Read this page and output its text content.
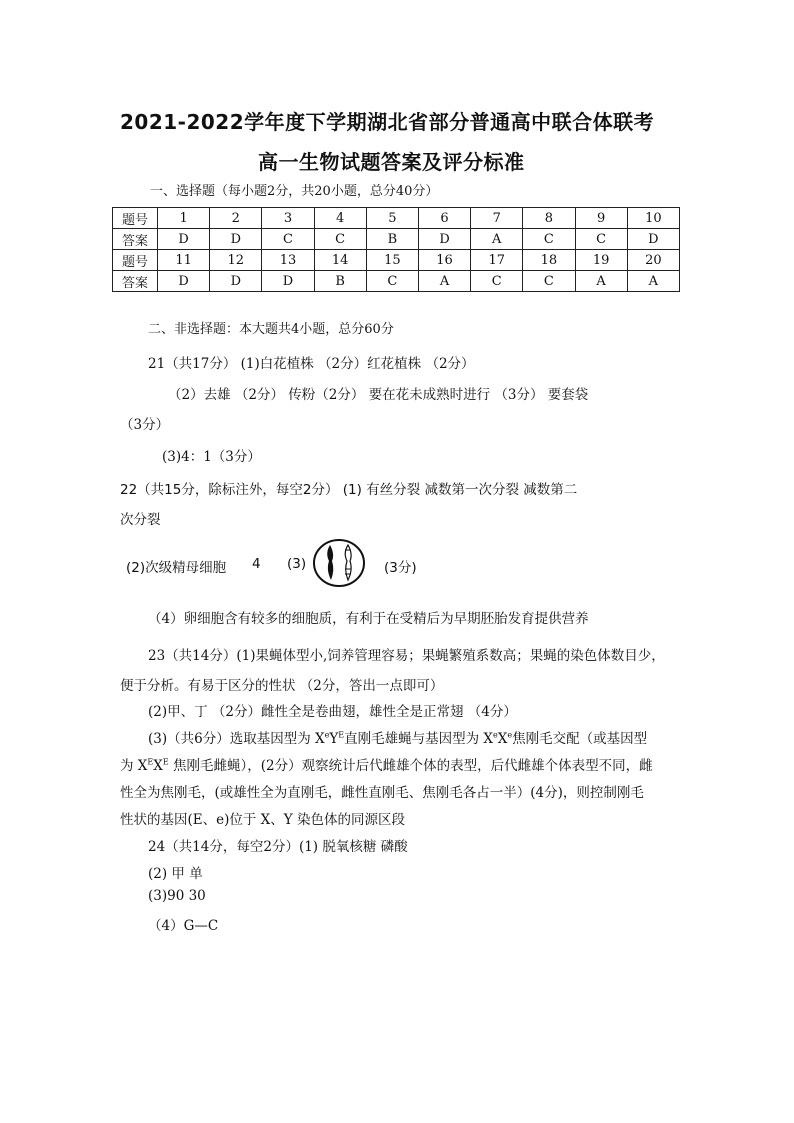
2021-2022学年度下学期湖北省部分普通高中联合体联考
高一生物试题答案及评分标准
一、选择题（每小题2分，共20小题，总分40分）
题号	1	2	3	4	5	6	7	8	9	10
答案	D	D	C	C	B	D	A	C	C	D
题号	11	12	13	14	15	16	17	18	19	20
答案	D	D	D	B	C	A	C	C	A	A
二、非选择题：本大题共4小题，总分60分
21（共17分） (1)白花植株 （2分）红花植株 （2分）
（2）去雄 （2分） 传粉（2分） 要在花未成熟时进行 （3分） 要套袋
（3分）
(3)4：1（3分）
22（共15分，除标注外，每空2分） (1) 有丝分裂 减数第一次分裂 减数第二
次分裂
(2)次级精母细胞 4 (3)	(3分)
（4）卵细胞含有较多的细胞质，有利于在受精后为早期胚胎发育提供营养
23（共14分）(1)果蝇体型小,饲养管理容易；果蝇繁殖系数高；果蝇的染色体数目少，
便于分析。有易于区分的性状 （2分，答出一点即可）
(2)甲、丁 （2分）雌性全是卷曲翅，雄性全是正常翅 （4分）
(3)（共6分）选取基因型为 $XeY^E$直刚毛雄蝇与基因型为 XeXe焦刚毛交配（或基因型
为 $X^EX^E$ 焦刚毛雌蝇），(2分）观察统计后代雌雄个体的表型，后代雌雄个体表型不同，雌
性全为焦刚毛，(或雄性全为直刚毛，雌性直刚毛、焦刚毛各占一半）(4分)，则控制刚毛
性状的基因(E、e)位于 X、Y 染色体的同源区段
24（共14分，每空2分）(1) 脱氧核糖 磷酸
(2) 甲 单
(3)90 30
（4）G—C
